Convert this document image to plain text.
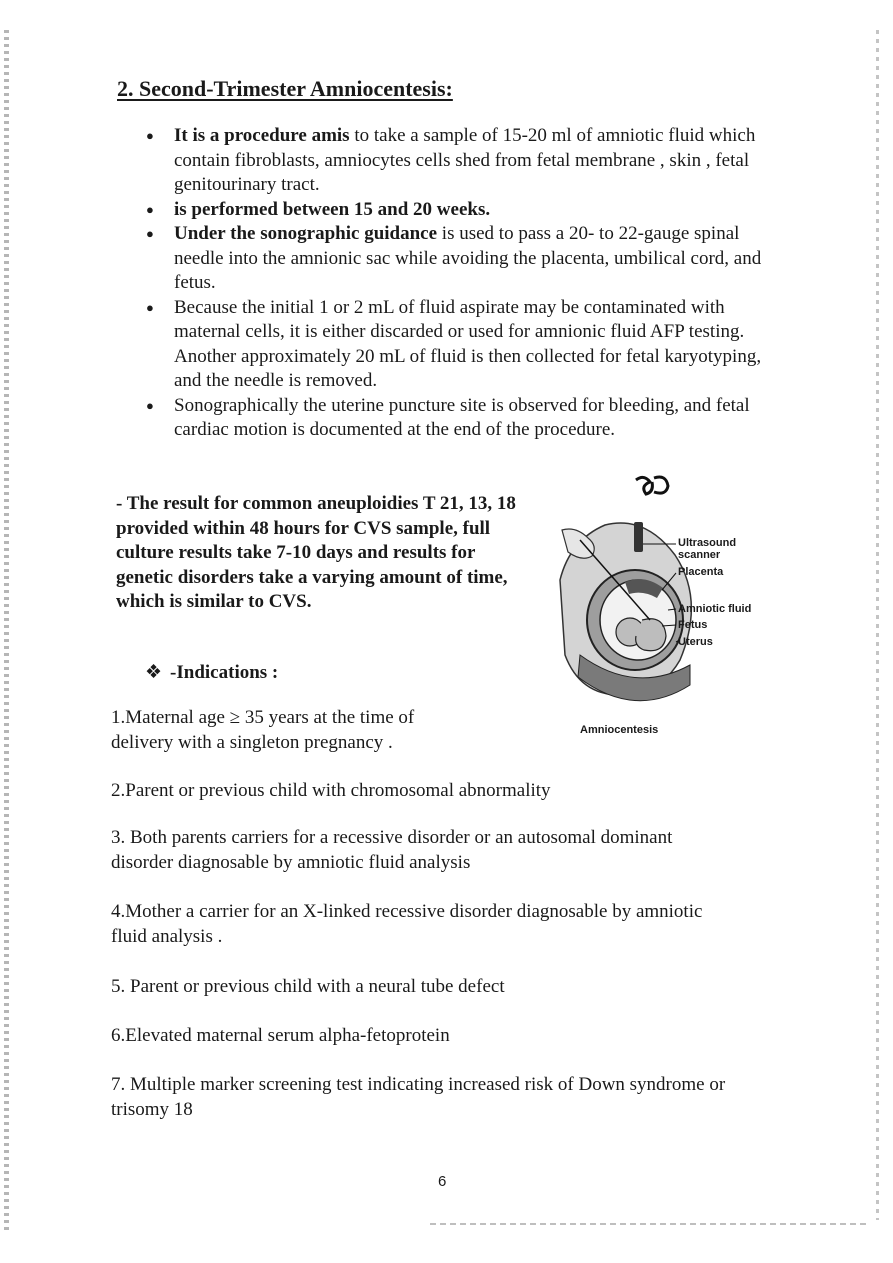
2. Second-Trimester Amniocentesis:
● It is a procedure amis to take a sample of 15-20 ml of amniotic fluid which contain fibroblasts, amniocytes cells shed from fetal membrane , skin , fetal genitourinary tract.
● is performed between 15 and 20 weeks.
● Under the sonographic guidance is used to pass a 20- to 22-gauge spinal needle into the amnionic sac while avoiding the placenta, umbilical cord, and fetus.
● Because the initial 1 or 2 mL of fluid aspirate may be contaminated with maternal cells, it is either discarded or used for amnionic fluid AFP testing. Another approximately 20 mL of fluid is then collected for fetal karyotyping, and the needle is removed.
● Sonographically the uterine puncture site is observed for bleeding, and fetal cardiac motion is documented at the end of the procedure.

- The result for common aneuploidies T 21, 13, 18 provided within 48 hours for CVS sample, full culture results take 7-10 days and results for genetic disorders take a varying amount of time, which is similar to CVS.

Ultrasound scanner
Placenta
Amniotic fluid
Fetus
Uterus
Amniocentesis
❖ -Indications :

1.Maternal age ≥ 35 years at the time of delivery with a singleton pregnancy .

2.Parent or previous child with chromosomal abnormality

3. Both parents carriers for a recessive disorder or an autosomal dominant disorder diagnosable by amniotic fluid analysis

4.Mother a carrier for an X-linked recessive disorder diagnosable by amniotic fluid analysis .

5. Parent or previous child with a neural tube defect

6.Elevated maternal serum alpha-fetoprotein

7. Multiple marker screening test indicating increased risk of Down syndrome or trisomy 18

6
